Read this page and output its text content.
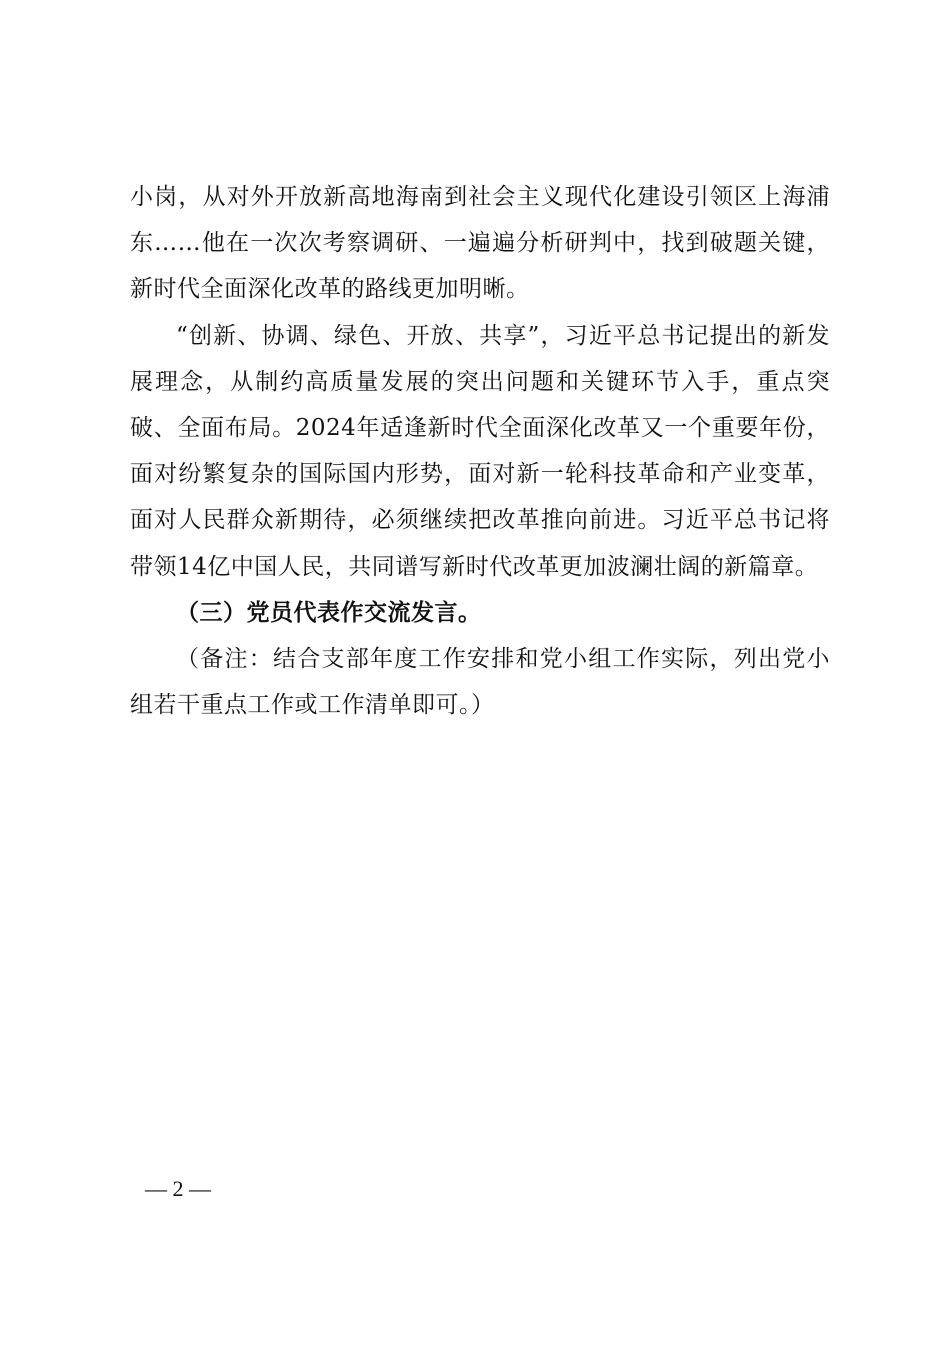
小岗，从对外开放新高地海南到社会主义现代化建设引领区上海浦东……他在一次次考察调研、一遍遍分析研判中，找到破题关键，新时代全面深化改革的路线更加明晰。

“创新、协调、绿色、开放、共享”，习近平总书记提出的新发展理念，从制约高质量发展的突出问题和关键环节入手，重点突破、全面布局。2024年适逢新时代全面深化改革又一个重要年份，面对纷繁复杂的国际国内形势，面对新一轮科技革命和产业变革，面对人民群众新期待，必须继续把改革推向前进。习近平总书记将带领14亿中国人民，共同谱写新时代改革更加波澜壮阔的新篇章。

（三）党员代表作交流发言。

（备注：结合支部年度工作安排和党小组工作实际，列出党小组若干重点工作或工作清单即可。）

— 2 —
